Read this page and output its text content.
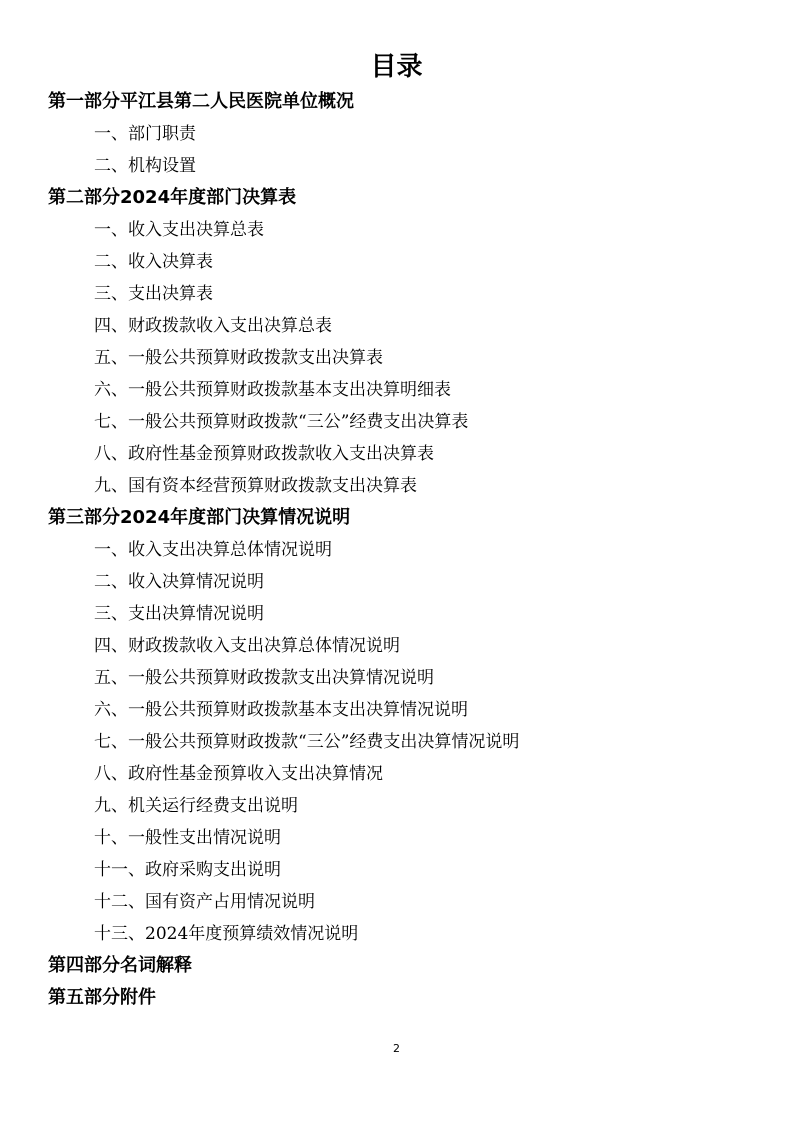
目录
第一部分平江县第二人民医院单位概况
一、部门职责
二、机构设置
第二部分2024年度部门决算表
一、收入支出决算总表
二、收入决算表
三、支出决算表
四、财政拨款收入支出决算总表
五、一般公共预算财政拨款支出决算表
六、一般公共预算财政拨款基本支出决算明细表
七、一般公共预算财政拨款“三公”经费支出决算表
八、政府性基金预算财政拨款收入支出决算表
九、国有资本经营预算财政拨款支出决算表
第三部分2024年度部门决算情况说明
一、收入支出决算总体情况说明
二、收入决算情况说明
三、支出决算情况说明
四、财政拨款收入支出决算总体情况说明
五、一般公共预算财政拨款支出决算情况说明
六、一般公共预算财政拨款基本支出决算情况说明
七、一般公共预算财政拨款“三公”经费支出决算情况说明
八、政府性基金预算收入支出决算情况
九、机关运行经费支出说明
十、一般性支出情况说明
十一、政府采购支出说明
十二、国有资产占用情况说明
十三、2024年度预算绩效情况说明
第四部分名词解释
第五部分附件
2
